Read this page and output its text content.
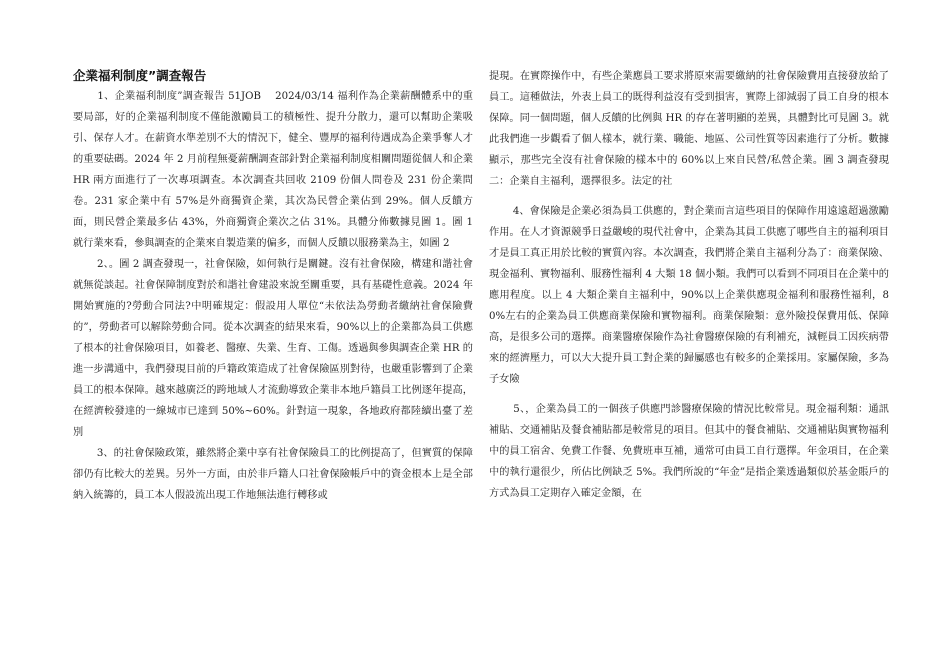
企業福利制度”調查報告

　　 1、企業福利制度”調查報告 51JOB　 2024/03/14 福利作為企業薪酬體系中的重要局部，好的企業福利制度不僅能激勵員工的積極性、提升分散力，還可以幫助企業吸引、保存人才。在薪資水準差別不大的情況下，健全、豐厚的福利待遇成為企業爭奪人才的重要砝碼。2024 年 2 月前程無憂薪酬調查部針對企業福利制度相關問題從個人和企業 HR 兩方面進行了一次專項調查。本次調查共回收 2109 份個人問卷及 231 份企業問卷。231 家企業中有 57%是外商獨資企業，其次為民營企業佔到 29%。個人反饋方面，則民營企業最多佔 43%，外商獨資企業次之佔 31%。具體分佈數據見圖 1。圖 1 就行業來看，參與調查的企業來自製造業的偏多，而個人反饋以服務業為主，如圖 2

　　 2、。圖 2 調查發現一，社會保險，如何執行是關鍵。沒有社會保險，構建和諧社會就無從談起。社會保障制度對於和諧社會建設來說至關重要，具有基礎性意義。2024 年開始實施的?勞動合同法?中明確規定：假設用人單位“未依法為勞動者繳納社會保險費的”，勞動者可以解除勞動合同。從本次調查的結果來看，90%以上的企業都為員工供應了根本的社會保險項目，如養老、醫療、失業、生育、工傷。透過與參與調查企業 HR 的進一步溝通中，我們發現目前的戶籍政策造成了社會保險區別對待，也嚴重影響到了企業員工的根本保障。越來越廣泛的跨地域人才流動導致企業非本地戶籍員工比例逐年提高，在經濟較發達的一線城市已達到 50%~60%。針對這一現象，各地政府都陸續出臺了差別

　　 3、的社會保險政策，雖然將企業中享有社會保險員工的比例提高了，但實質的保障卻仍有比較大的差異。另外一方面，由於非戶籍人口社會保險帳戶中的資金根本上是全部納入統籌的，員工本人假設流出現工作地無法進行轉移或

提現。在實際操作中，有些企業應員工要求將原來需要繳納的社會保險費用直接發放給了員工。這種做法，外表上員工的既得利益沒有受到損害，實際上卻減弱了員工自身的根本保障。同一個問題，個人反饋的比例與 HR 的存在著明顯的差異，具體對比可見圖 3。就此我們進一步觀看了個人樣本，就行業、職能、地區、公司性質等因素進行了分析。數據顯示，那些完全沒有社會保險的樣本中的 60%以上來自民營/私營企業。圖 3 調查發現二：企業自主福利，選擇很多。法定的社

　　 4、會保險是企業必須為員工供應的，對企業而言這些項目的保障作用遠遠超過激勵作用。在人才資源競爭日益嚴峻的現代社會中，企業為其員工供應了哪些自主的福利項目才是員工真正用於比較的實質內容。本次調查，我們將企業自主福利分為了：商業保險、現金福利、實物福利、服務性福利 4 大類 18 個小類。我們可以看到不同項目在企業中的應用程度。以上 4 大類企業自主福利中，90%以上企業供應現金福利和服務性福利，80%左右的企業為員工供應商業保險和實物福利。商業保險類：意外險投保費用低、保障高，是很多公司的選擇。商業醫療保險作為社會醫療保險的有利補充，減輕員工因疾病帶來的經濟壓力，可以大大提升員工對企業的歸屬感也有較多的企業採用。家屬保險，多為子女險

　　 5、，企業為員工的一個孩子供應門診醫療保險的情況比較常見。現金福利類：通訊補貼、交通補貼及餐食補貼都是較常見的項目。但其中的餐食補貼、交通補貼與實物福利中的員工宿舍、免費工作餐、免費班車互補，通常可由員工自行選擇。年金項目，在企業中的執行還很少，所佔比例缺乏 5%。我們所說的“年金”是指企業透過類似於基金賬戶的方式為員工定期存入確定金額，在
